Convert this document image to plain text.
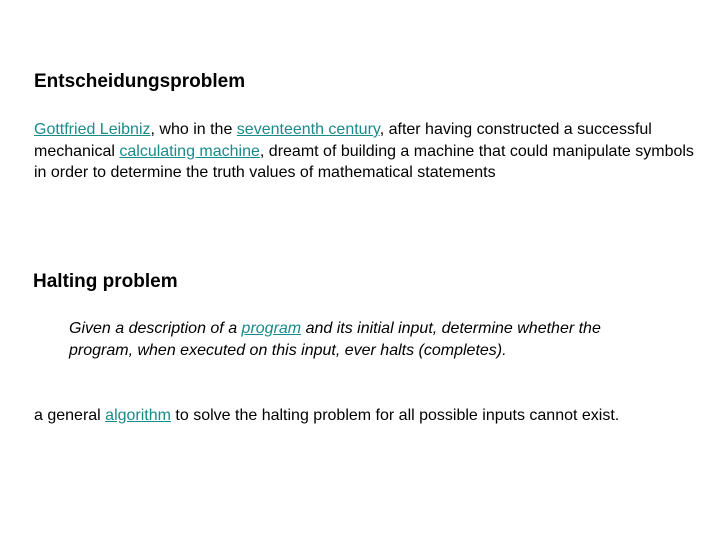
Entscheidungsproblem
Gottfried Leibniz, who in the seventeenth century, after having constructed a successful mechanical calculating machine, dreamt of building a machine that could manipulate symbols in order to determine the truth values of mathematical statements
Halting problem
Given a description of a program and its initial input, determine whether the program, when executed on this input, ever halts (completes).
a general algorithm to solve the halting problem for all possible inputs cannot exist.
